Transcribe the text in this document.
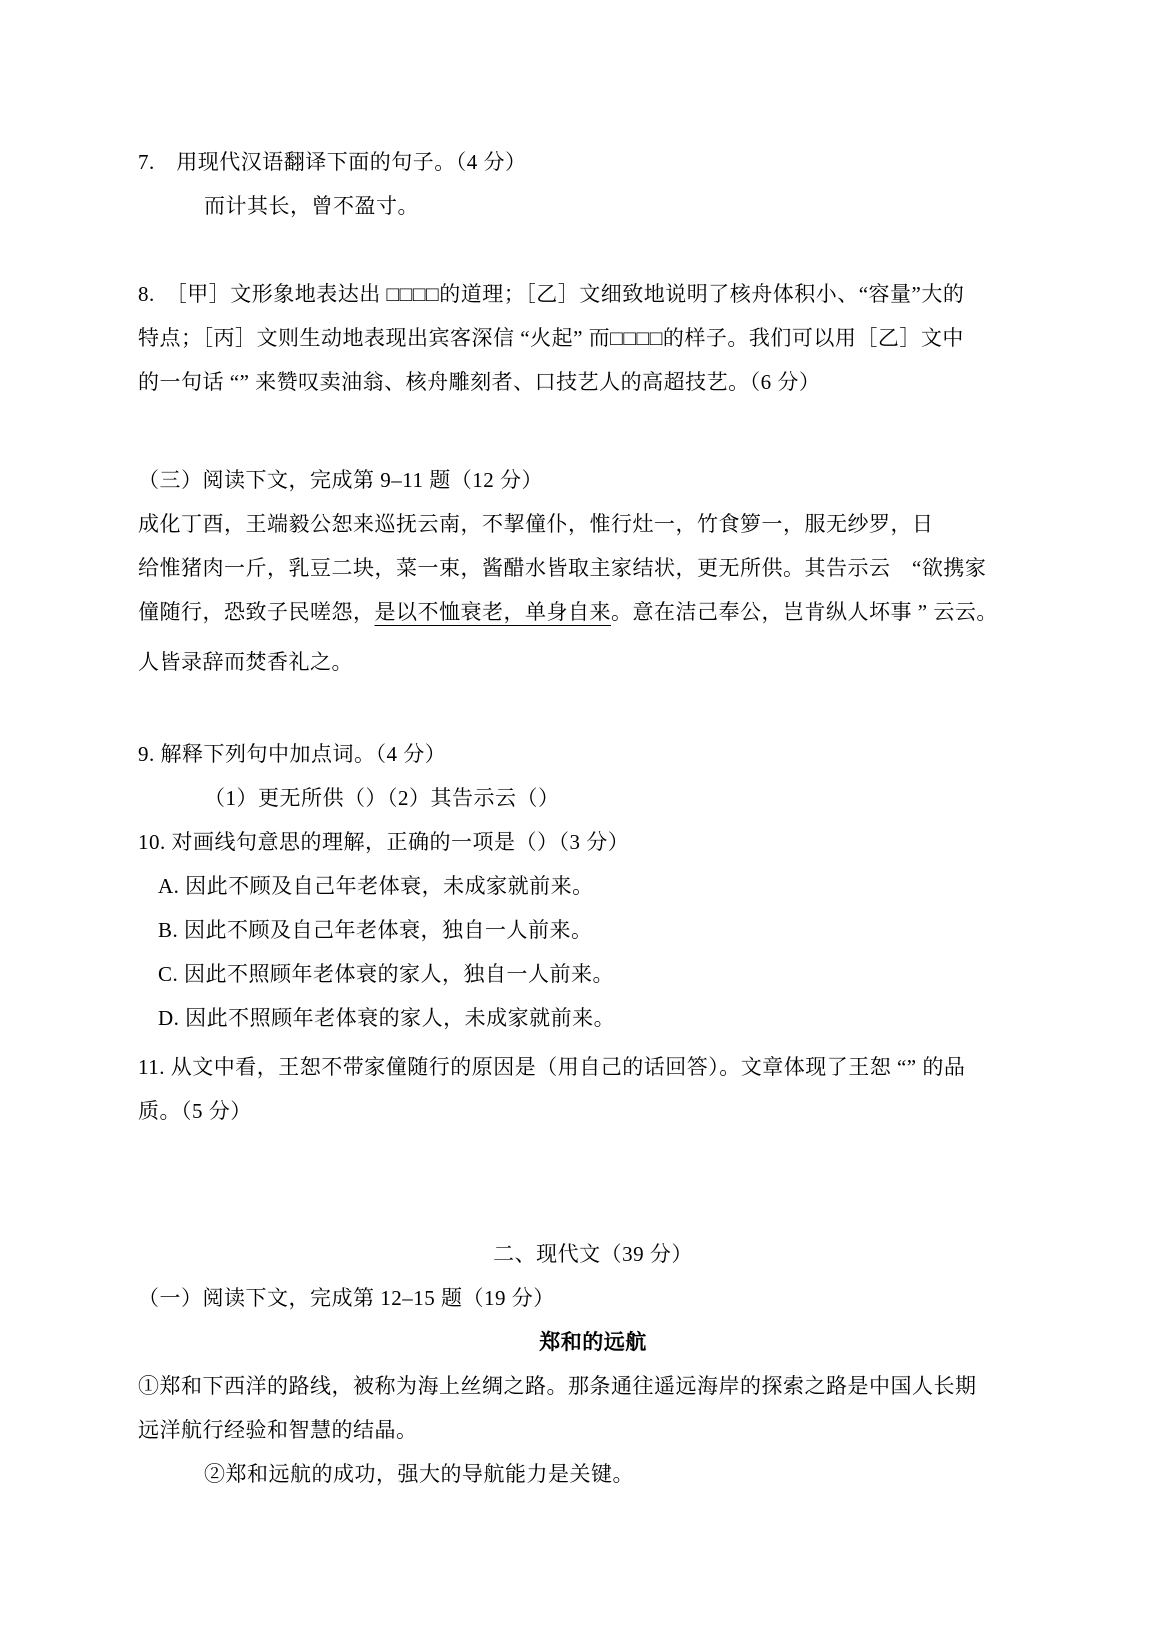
7.　用现代汉语翻译下面的句子。（4 分）
而计其长，曾不盈寸。
8.　［甲］文形象地表达出 □□□□的道理；［乙］文细致地说明了核舟体积小、“容量”大的
特点；［丙］文则生动地表现出宾客深信 “火起” 而□□□□的样子。我们可以用［乙］文中
的一句话 “” 来赞叹卖油翁、核舟雕刻者、口技艺人的高超技艺。（6 分）
（三）阅读下文，完成第 9–11 题（12 分）
成化丁酉，王端毅公恕来巡抚云南，不挈僮仆，惟行灶一，竹食箩一，服无纱罗，日
给惟猪肉一斤，乳豆二块，菜一束，酱醋水皆取主家结状，更无所供。其告示云　“欲携家
僮随行，恐致子民嗟怨，是以不恤衰老，单身自来。意在洁己奉公，岂肯纵人坏事 ” 云云。
人皆录辞而焚香礼之。
9. 解释下列句中加点词。（4 分）
（1）更无所供（）（2）其告示云（）
10. 对画线句意思的理解，正确的一项是（）（3 分）
A. 因此不顾及自己年老体衰，未成家就前来。
B. 因此不顾及自己年老体衰，独自一人前来。
C. 因此不照顾年老体衰的家人，独自一人前来。
D. 因此不照顾年老体衰的家人，未成家就前来。
11. 从文中看，王恕不带家僮随行的原因是（用自己的话回答）。文章体现了王恕 “” 的品
质。（5 分）
二、现代文（39 分）
（一）阅读下文，完成第 12–15 题（19 分）
郑和的远航
①郑和下西洋的路线，被称为海上丝绸之路。那条通往遥远海岸的探索之路是中国人长期
远洋航行经验和智慧的结晶。
②郑和远航的成功，强大的导航能力是关键。
